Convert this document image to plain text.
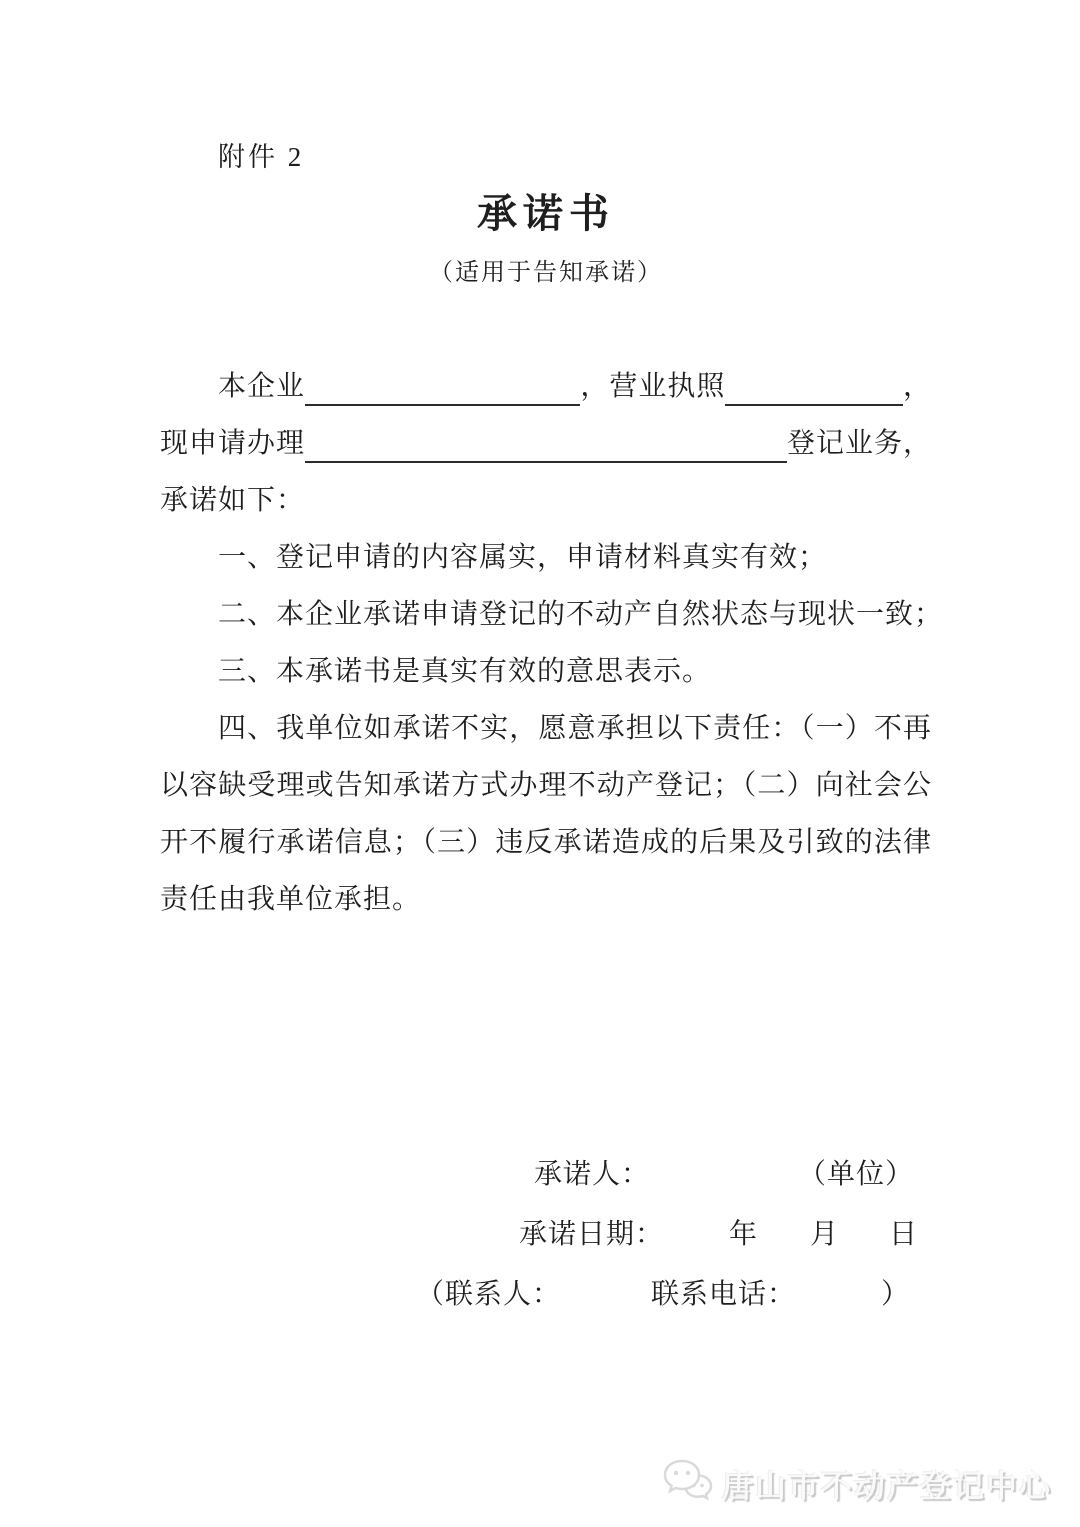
附件 2
承诺书
（适用于告知承诺）
本企业	，营业执照	，
现申请办理	登记业务，
承诺如下：
一、登记申请的内容属实，申请材料真实有效；
二、本企业承诺申请登记的不动产自然状态与现状一致；
三、本承诺书是真实有效的意思表示。
四、我单位如承诺不实，愿意承担以下责任：（一）不再以容缺受理或告知承诺方式办理不动产登记；（二）向社会公开不履行承诺信息；（三）违反承诺造成的后果及引致的法律责任由我单位承担。
承诺人：	（单位）
承诺日期： 年 月 日
（联系人：	联系电话：	）
唐山市不动产登记中心
